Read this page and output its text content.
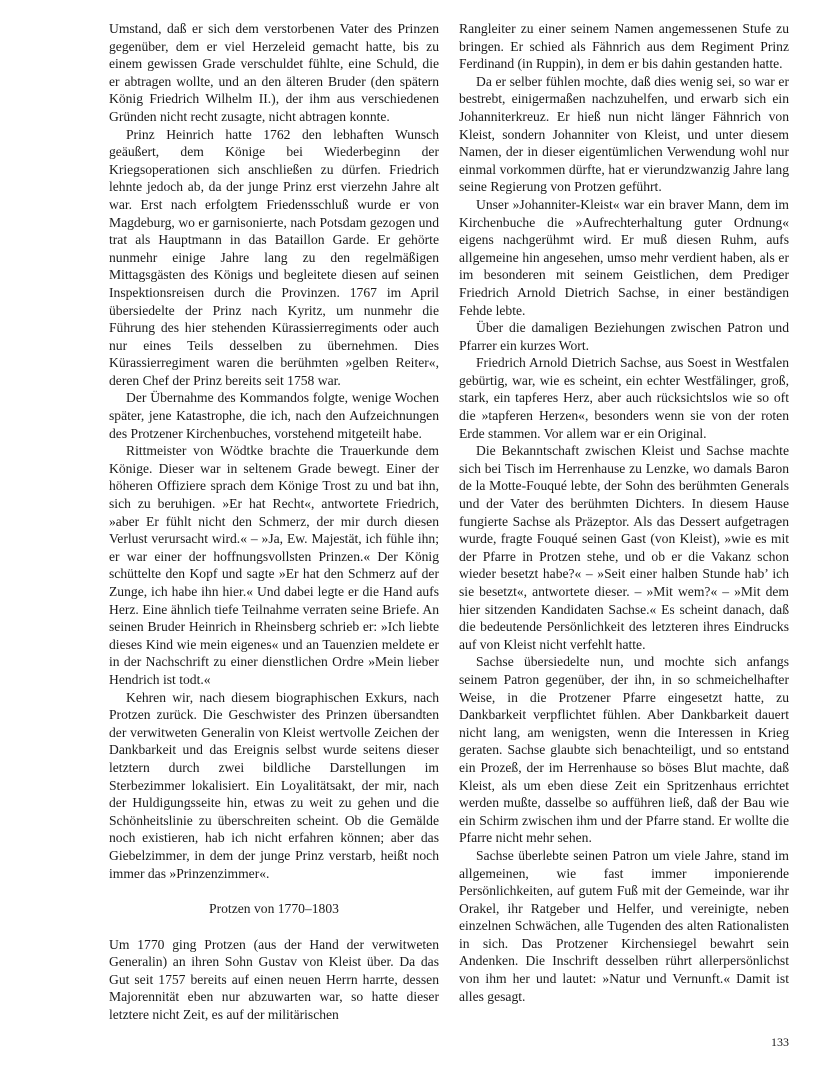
Umstand, daß er sich dem verstorbenen Vater des Prinzen gegenüber, dem er viel Herzeleid gemacht hatte, bis zu einem gewissen Grade verschuldet fühlte, eine Schuld, die er abtragen wollte, und an den älteren Bruder (den spätern König Friedrich Wilhelm II.), der ihm aus verschiedenen Gründen nicht recht zusagte, nicht abtragen konnte.

Prinz Heinrich hatte 1762 den lebhaften Wunsch geäußert, dem Könige bei Wiederbeginn der Kriegsoperationen sich anschließen zu dürfen. Friedrich lehnte jedoch ab, da der junge Prinz erst vierzehn Jahre alt war. Erst nach erfolgtem Friedensschluß wurde er von Magdeburg, wo er garnisonierte, nach Potsdam gezogen und trat als Hauptmann in das Bataillon Garde. Er gehörte nunmehr einige Jahre lang zu den regelmäßigen Mittagsgästen des Königs und begleitete diesen auf seinen Inspektionsreisen durch die Provinzen. 1767 im April übersiedelte der Prinz nach Kyritz, um nunmehr die Führung des hier stehenden Kürassierregiments oder auch nur eines Teils desselben zu übernehmen. Dies Kürassierregiment waren die berühmten »gelben Reiter«, deren Chef der Prinz bereits seit 1758 war.

Der Übernahme des Kommandos folgte, wenige Wochen später, jene Katastrophe, die ich, nach den Aufzeichnungen des Protzener Kirchenbuches, vorstehend mitgeteilt habe.

Rittmeister von Wödtke brachte die Trauerkunde dem Könige. Dieser war in seltenem Grade bewegt. Einer der höheren Offiziere sprach dem Könige Trost zu und bat ihn, sich zu beruhigen. »Er hat Recht«, antwortete Friedrich, »aber Er fühlt nicht den Schmerz, der mir durch diesen Verlust verursacht wird.« – »Ja, Ew. Majestät, ich fühle ihn; er war einer der hoffnungsvollsten Prinzen.« Der König schüttelte den Kopf und sagte »Er hat den Schmerz auf der Zunge, ich habe ihn hier.« Und dabei legte er die Hand aufs Herz. Eine ähnlich tiefe Teilnahme verraten seine Briefe. An seinen Bruder Heinrich in Rheinsberg schrieb er: »Ich liebte dieses Kind wie mein eigenes« und an Tauenzien meldete er in der Nachschrift zu einer dienstlichen Ordre »Mein lieber Hendrich ist todt.«

Kehren wir, nach diesem biographischen Exkurs, nach Protzen zurück. Die Geschwister des Prinzen übersandten der verwitweten Generalin von Kleist wertvolle Zeichen der Dankbarkeit und das Ereignis selbst wurde seitens dieser letztern durch zwei bildliche Darstellungen im Sterbezimmer lokalisiert. Ein Loyalitätsakt, der mir, nach der Huldigungsseite hin, etwas zu weit zu gehen und die Schönheitslinie zu überschreiten scheint. Ob die Gemälde noch existieren, hab ich nicht erfahren können; aber das Giebelzimmer, in dem der junge Prinz verstarb, heißt noch immer das »Prinzenzimmer«.

Protzen von 1770–1803

Um 1770 ging Protzen (aus der Hand der verwitweten Generalin) an ihren Sohn Gustav von Kleist über. Da das Gut seit 1757 bereits auf einen neuen Herrn harrte, dessen Majorennität eben nur abzuwarten war, so hatte dieser letztere nicht Zeit, es auf der militärischen

Rangleiter zu einer seinem Namen angemessenen Stufe zu bringen. Er schied als Fähnrich aus dem Regiment Prinz Ferdinand (in Ruppin), in dem er bis dahin gestanden hatte.

Da er selber fühlen mochte, daß dies wenig sei, so war er bestrebt, einigermaßen nachzuhelfen, und erwarb sich ein Johanniterkreuz. Er hieß nun nicht länger Fähnrich von Kleist, sondern Johanniter von Kleist, und unter diesem Namen, der in dieser eigentümlichen Verwendung wohl nur einmal vorkommen dürfte, hat er vierundzwanzig Jahre lang seine Regierung von Protzen geführt.

Unser »Johanniter-Kleist« war ein braver Mann, dem im Kirchenbuche die »Aufrechterhaltung guter Ordnung« eigens nachgerühmt wird. Er muß diesen Ruhm, aufs allgemeine hin angesehen, umso mehr verdient haben, als er im besonderen mit seinem Geistlichen, dem Prediger Friedrich Arnold Dietrich Sachse, in einer beständigen Fehde lebte.

Über die damaligen Beziehungen zwischen Patron und Pfarrer ein kurzes Wort.

Friedrich Arnold Dietrich Sachse, aus Soest in Westfalen gebürtig, war, wie es scheint, ein echter Westfälinger, groß, stark, ein tapferes Herz, aber auch rücksichtslos wie so oft die »tapferen Herzen«, besonders wenn sie von der roten Erde stammen. Vor allem war er ein Original.

Die Bekanntschaft zwischen Kleist und Sachse machte sich bei Tisch im Herrenhause zu Lenzke, wo damals Baron de la Motte-Fouqué lebte, der Sohn des berühmten Generals und der Vater des berühmten Dichters. In diesem Hause fungierte Sachse als Präzeptor. Als das Dessert aufgetragen wurde, fragte Fouqué seinen Gast (von Kleist), »wie es mit der Pfarre in Protzen stehe, und ob er die Vakanz schon wieder besetzt habe?« – »Seit einer halben Stunde hab’ ich sie besetzt«, antwortete dieser. – »Mit wem?« – »Mit dem hier sitzenden Kandidaten Sachse.« Es scheint danach, daß die bedeutende Persönlichkeit des letzteren ihres Eindrucks auf von Kleist nicht verfehlt hatte.

Sachse übersiedelte nun, und mochte sich anfangs seinem Patron gegenüber, der ihn, in so schmeichelhafter Weise, in die Protzener Pfarre eingesetzt hatte, zu Dankbarkeit verpflichtet fühlen. Aber Dankbarkeit dauert nicht lang, am wenigsten, wenn die Interessen in Krieg geraten. Sachse glaubte sich benachteiligt, und so entstand ein Prozeß, der im Herrenhause so böses Blut machte, daß Kleist, als um eben diese Zeit ein Spritzenhaus errichtet werden mußte, dasselbe so aufführen ließ, daß der Bau wie ein Schirm zwischen ihm und der Pfarre stand. Er wollte die Pfarre nicht mehr sehen.

Sachse überlebte seinen Patron um viele Jahre, stand im allgemeinen, wie fast immer imponierende Persönlichkeiten, auf gutem Fuß mit der Gemeinde, war ihr Orakel, ihr Ratgeber und Helfer, und vereinigte, neben einzelnen Schwächen, alle Tugenden des alten Rationalisten in sich. Das Protzener Kirchensiegel bewahrt sein Andenken. Die Inschrift desselben rührt allerpersönlichst von ihm her und lautet: »Natur und Vernunft.« Damit ist alles gesagt.

133
